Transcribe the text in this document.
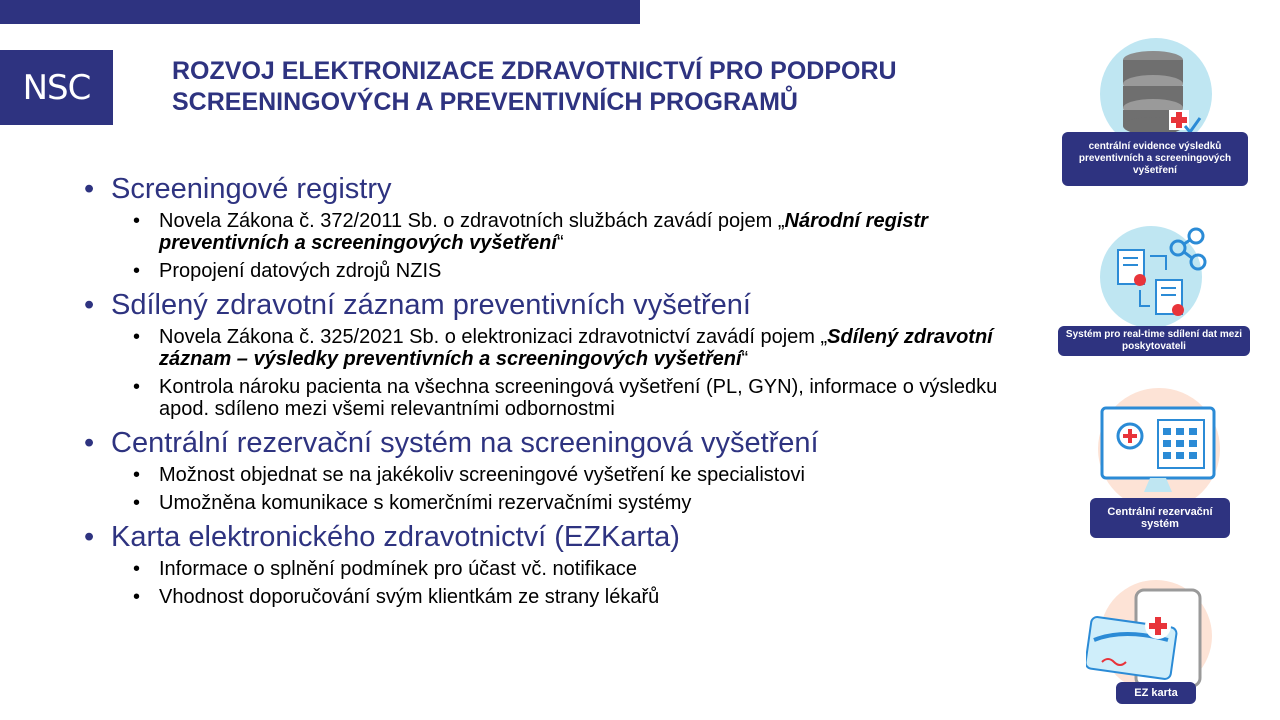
NSC	ROZVOJ ELEKTRONIZACE ZDRAVOTNICTVÍ PRO PODPORU
SCREENINGOVÝCH A PREVENTIVNÍCH PROGRAMŮ
• Screeningové registry
• Novela Zákona č. 372/2011 Sb. o zdravotních službách zavádí pojem „Národní registr preventivních a screeningových vyšetření“
• Propojení datových zdrojů NZIS
• Sdílený zdravotní záznam preventivních vyšetření
• Novela Zákona č. 325/2021 Sb. o elektronizaci zdravotnictví zavádí pojem „Sdílený zdravotní záznam – výsledky preventivních a screeningových vyšetření“
• Kontrola nároku pacienta na všechna screeningová vyšetření (PL, GYN), informace o výsledku apod. sdíleno mezi všemi relevantními odbornostmi
• Centrální rezervační systém na screeningová vyšetření
• Možnost objednat se na jakékoliv screeningové vyšetření ke specialistovi
• Umožněna komunikace s komerčními rezervačními systémy
• Karta elektronického zdravotnictví (EZKarta)
• Informace o splnění podmínek pro účast vč. notifikace
• Vhodnost doporučování svým klientkám ze strany lékařů
centrální evidence výsledků preventivních a screeningových vyšetření
Systém pro real-time sdílení dat mezi poskytovateli
Centrální rezervační systém
EZ karta
